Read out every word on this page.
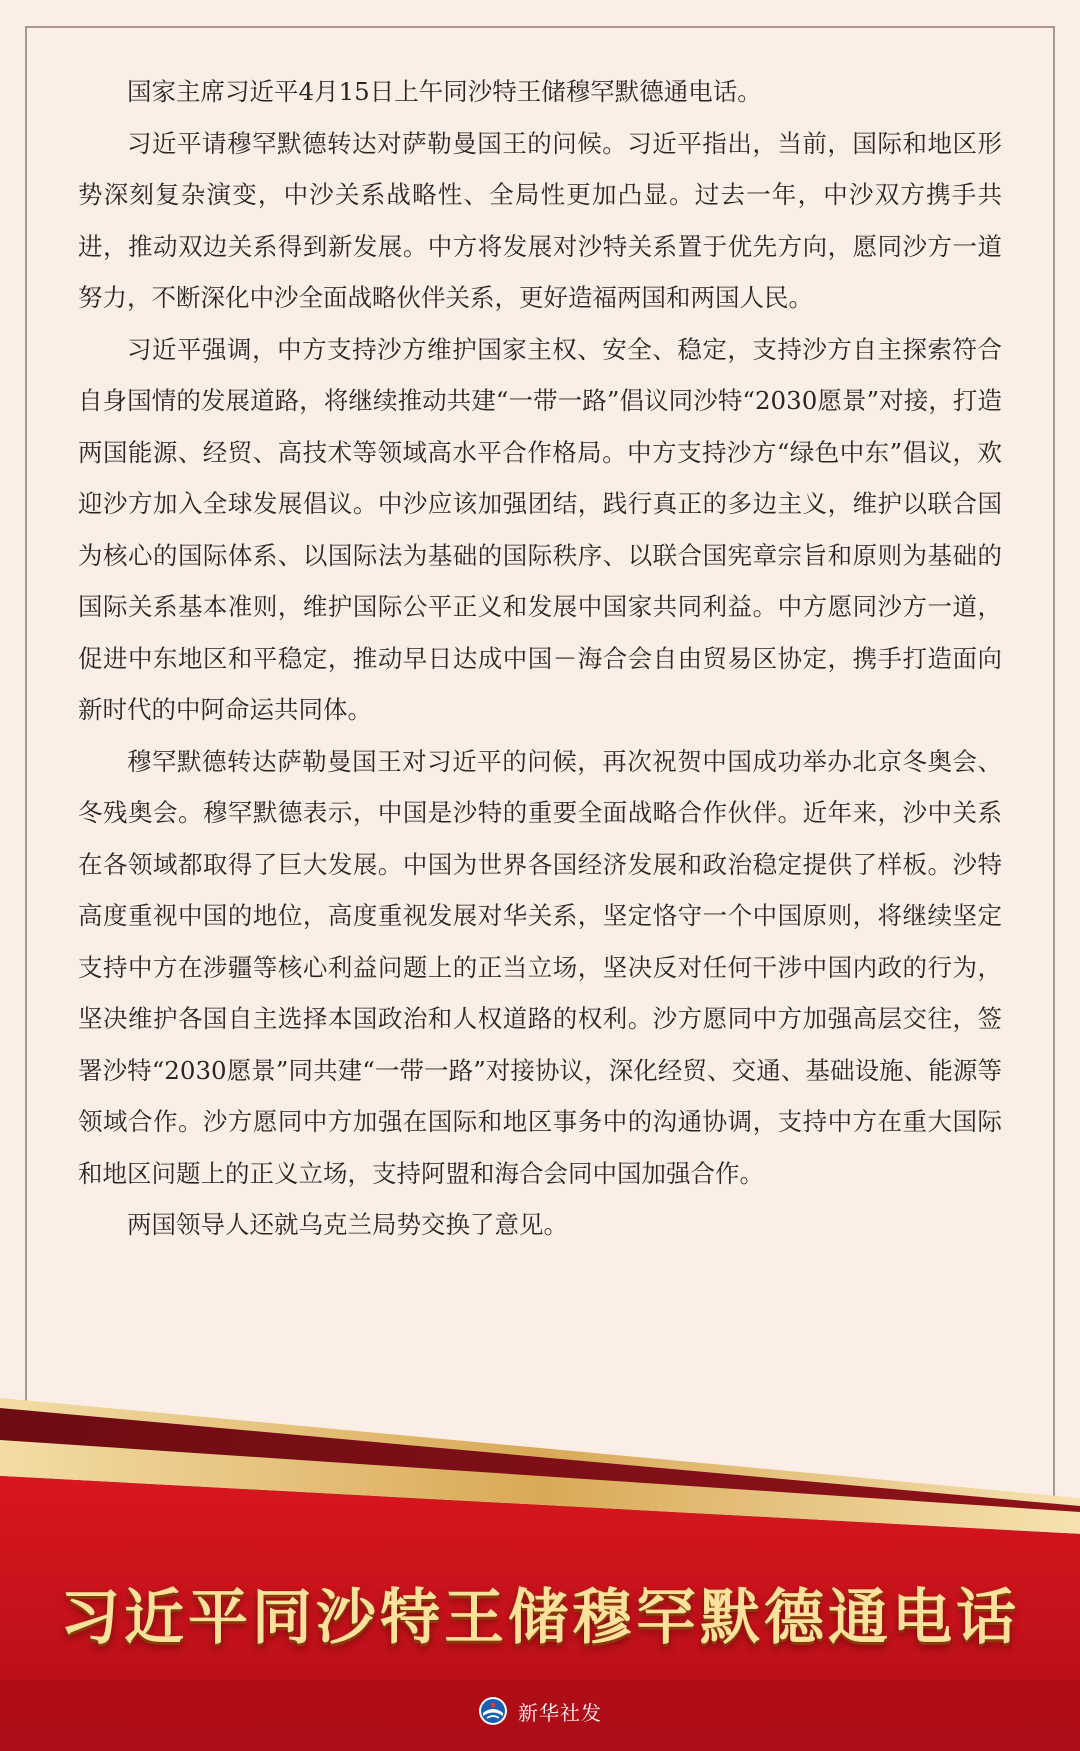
国家主席习近平4月15日上午同沙特王储穆罕默德通电话。

习近平请穆罕默德转达对萨勒曼国王的问候。习近平指出，当前，国际和地区形势深刻复杂演变，中沙关系战略性、全局性更加凸显。过去一年，中沙双方携手共进，推动双边关系得到新发展。中方将发展对沙特关系置于优先方向，愿同沙方一道努力，不断深化中沙全面战略伙伴关系，更好造福两国和两国人民。

习近平强调，中方支持沙方维护国家主权、安全、稳定，支持沙方自主探索符合自身国情的发展道路，将继续推动共建“一带一路”倡议同沙特“2030愿景”对接，打造两国能源、经贸、高技术等领域高水平合作格局。中方支持沙方“绿色中东”倡议，欢迎沙方加入全球发展倡议。中沙应该加强团结，践行真正的多边主义，维护以联合国为核心的国际体系、以国际法为基础的国际秩序、以联合国宪章宗旨和原则为基础的国际关系基本准则，维护国际公平正义和发展中国家共同利益。中方愿同沙方一道，促进中东地区和平稳定，推动早日达成中国－海合会自由贸易区协定，携手打造面向新时代的中阿命运共同体。

穆罕默德转达萨勒曼国王对习近平的问候，再次祝贺中国成功举办北京冬奥会、冬残奥会。穆罕默德表示，中国是沙特的重要全面战略合作伙伴。近年来，沙中关系在各领域都取得了巨大发展。中国为世界各国经济发展和政治稳定提供了样板。沙特高度重视中国的地位，高度重视发展对华关系，坚定恪守一个中国原则，将继续坚定支持中方在涉疆等核心利益问题上的正当立场，坚决反对任何干涉中国内政的行为，坚决维护各国自主选择本国政治和人权道路的权利。沙方愿同中方加强高层交往，签署沙特“2030愿景”同共建“一带一路”对接协议，深化经贸、交通、基础设施、能源等领域合作。沙方愿同中方加强在国际和地区事务中的沟通协调，支持中方在重大国际和地区问题上的正义立场，支持阿盟和海合会同中国加强合作。

两国领导人还就乌克兰局势交换了意见。

习近平同沙特王储穆罕默德通电话
新华社发
